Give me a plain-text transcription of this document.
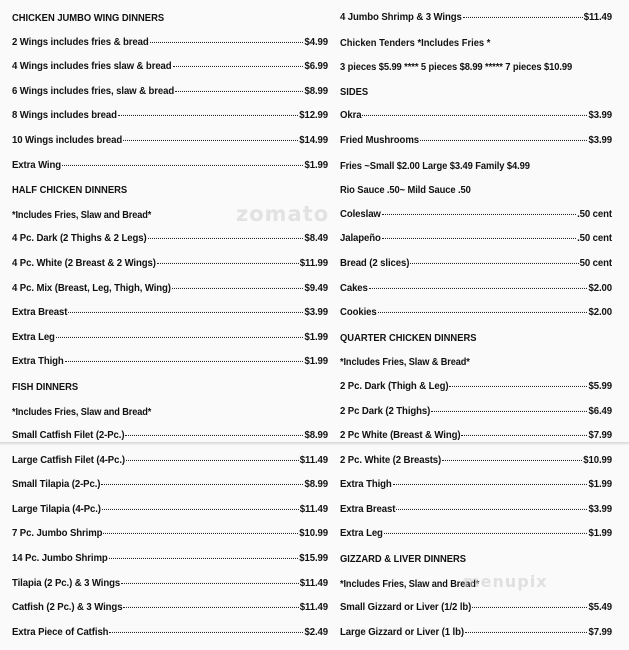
CHICKEN JUMBO WING DINNERS
2 Wings includes fries & bread	$4.99
4 Wings includes fries slaw & bread	$6.99
6 Wings includes fries, slaw & bread	$8.99
8 Wings includes bread	$12.99
10 Wings includes bread	$14.99
Extra Wing	$1.99
HALF CHICKEN DINNERS
*Includes Fries, Slaw and Bread*
4 Pc. Dark (2 Thighs & 2 Legs)	$8.49
4 Pc. White (2 Breast & 2 Wings)	$11.99
4 Pc. Mix (Breast, Leg, Thigh, Wing)	$9.49
Extra Breast	$3.99
Extra Leg	$1.99
Extra Thigh	$1.99
FISH DINNERS
*Includes Fries, Slaw and Bread*
Small Catfish Filet (2-Pc.)	$8.99
Large Catfish Filet (4-Pc.)	$11.49
Small Tilapia (2-Pc.)	$8.99
Large Tilapia (4-Pc.)	$11.49
7 Pc. Jumbo Shrimp	$10.99
14 Pc. Jumbo Shrimp	$15.99
Tilapia (2 Pc.) & 3 Wings	$11.49
Catfish (2 Pc.) & 3 Wings	$11.49
Extra Piece of Catfish	$2.49
4 Jumbo Shrimp & 3 Wings	$11.49
Chicken Tenders *Includes Fries *
3 pieces $5.99 **** 5 pieces $8.99 ***** 7 pieces $10.99
SIDES
Okra	$3.99
Fried Mushrooms	$3.99
Fries ~Small $2.00 Large $3.49 Family $4.99
Rio Sauce .50~ Mild Sauce .50
Coleslaw	.50 cent
Jalapeño	.50 cent
Bread (2 slices)	50 cent
Cakes	$2.00
Cookies	$2.00
QUARTER CHICKEN DINNERS
*Includes Fries, Slaw & Bread*
2 Pc. Dark (Thigh & Leg)	$5.99
2 Pc Dark (2 Thighs)	$6.49
2 Pc White (Breast & Wing)	$7.99
2 Pc. White (2 Breasts)	$10.99
Extra Thigh	$1.99
Extra Breast	$3.99
Extra Leg	$1.99
GIZZARD & LIVER DINNERS
*Includes Fries, Slaw and Bread*
Small Gizzard or Liver (1/2 lb)	$5.49
Large Gizzard or Liver (1 lb)	$7.99
zomato
menupix
